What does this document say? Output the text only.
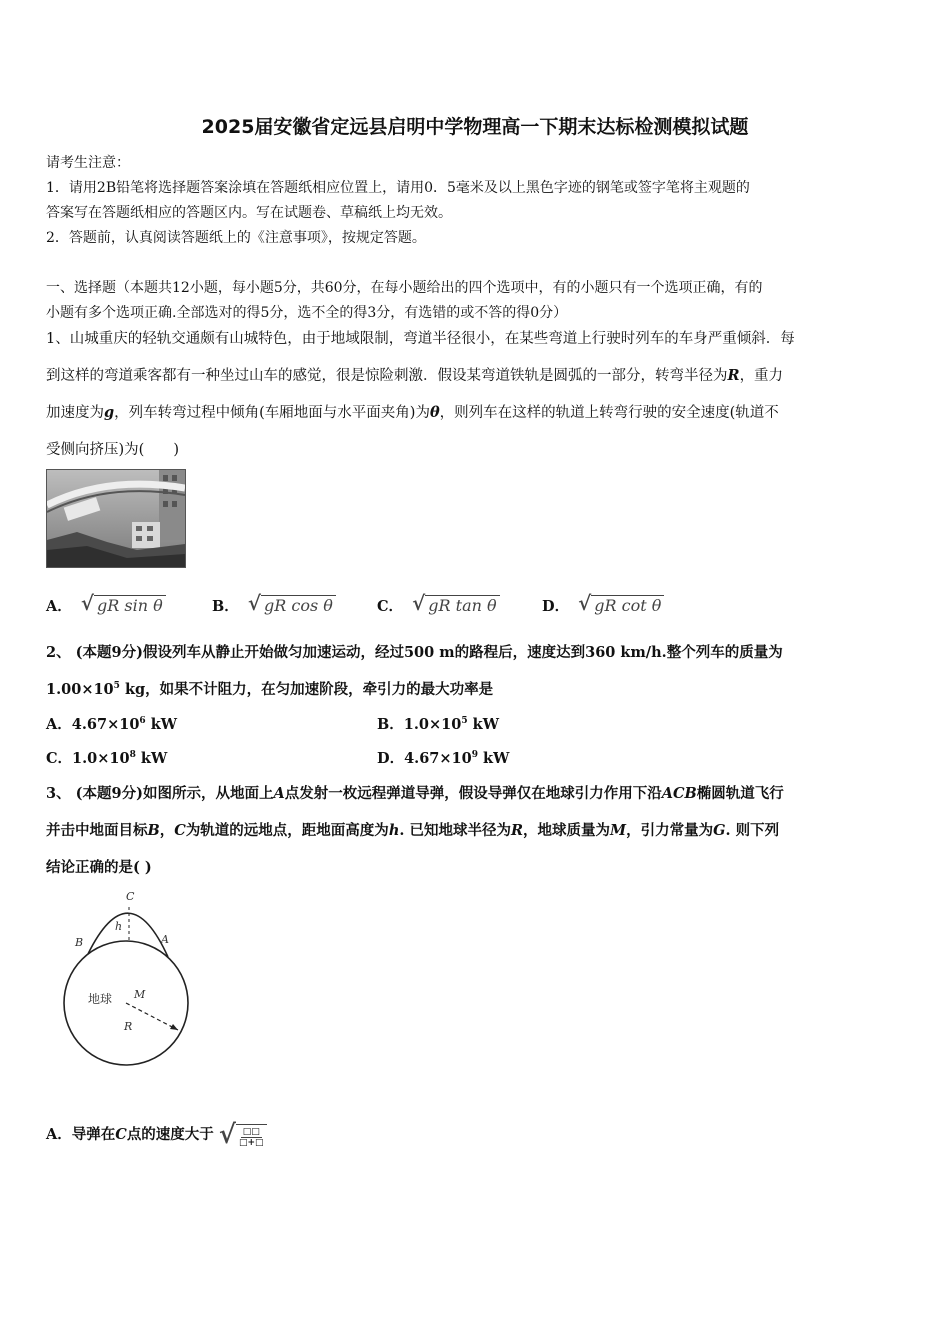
2025届安徽省定远县启明中学物理高一下期末达标检测模拟试题
请考生注意：
1．请用2B铅笔将选择题答案涂填在答题纸相应位置上，请用0．5毫米及以上黑色字迹的钢笔或签字笔将主观题的
答案写在答题纸相应的答题区内。写在试题卷、草稿纸上均无效。
2．答题前，认真阅读答题纸上的《注意事项》，按规定答题。
一、选择题（本题共12小题，每小题5分，共60分，在每小题给出的四个选项中，有的小题只有一个选项正确，有的
小题有多个选项正确.全部选对的得5分，选不全的得3分，有选错的或不答的得0分）
1、山城重庆的轻轨交通颇有山城特色，由于地域限制，弯道半径很小，在某些弯道上行驶时列车的车身严重倾斜．每
到这样的弯道乘客都有一种坐过山车的感觉，很是惊险刺激．假设某弯道铁轨是圆弧的一部分，转弯半径为R，重力
加速度为g，列车转弯过程中倾角(车厢地面与水平面夹角)为θ，则列车在这样的轨道上转弯行驶的安全速度(轨道不
受侧向挤压)为(　　)
A． √ gR sin θ	B． √ gR cos θ	C． √ gR tan θ	D． √ gR cot θ
2、 (本题9分)假设列车从静止开始做匀加速运动，经过500 m的路程后，速度达到360 km/h.整个列车的质量为
$1.00\times 10^5$ kg，如果不计阻力，在匀加速阶段，牵引力的最大功率是
A．$4.67\times 10^6$ kW	B．$1.0\times 10^5$ kW
C．$1.0\times 10^8$ kW	D．$4.67\times 10^9$ kW
3、 (本题9分)如图所示，从地面上A点发射一枚远程弹道导弹，假设导弹仅在地球引力作用下沿ACB椭圆轨道飞行
并击中地面目标B，C为轨道的远地点，距地面高度为h. 已知地球半径为R，地球质量为M，引力常量为G. 则下列
结论正确的是( )
C
h
B	A
地球 M
R
A．导弹在C点的速度大于 √ $\frac{□□}{□+□}$
